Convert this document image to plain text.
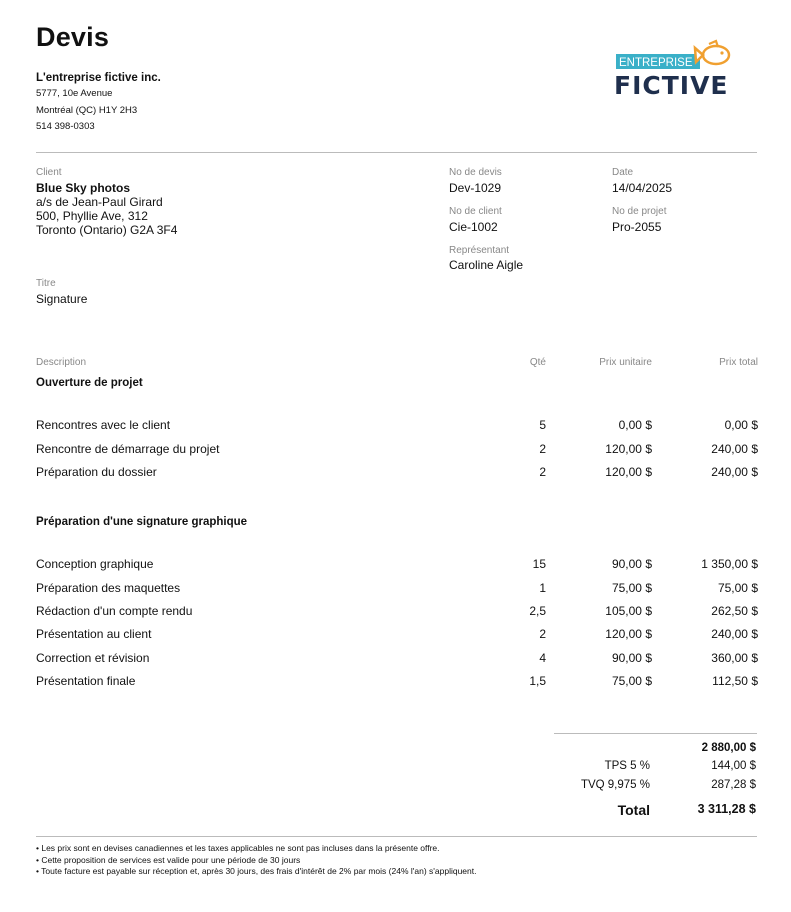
Devis
L'entreprise fictive inc.
5777, 10e Avenue
Montréal (QC) H1Y 2H3
514 398-0303
ENTREPRISE
FICTIVE
Client
Blue Sky photos
a/s de Jean-Paul Girard
500, Phyllie Ave, 312
Toronto (Ontario) G2A 3F4
No de devis
Dev-1029
Date
14/04/2025
No de client
Cie-1002
No de projet
Pro-2055
Représentant
Caroline Aigle
Titre
Signature
Description	Qté	Prix unitaire	Prix total
Ouverture de projet
Rencontres avec le client	5	0,00 $	0,00 $
Rencontre de démarrage du projet	2	120,00 $	240,00 $
Préparation du dossier	2	120,00 $	240,00 $
Préparation d'une signature graphique
Conception graphique	15	90,00 $	1 350,00 $
Préparation des maquettes	1	75,00 $	75,00 $
Rédaction d'un compte rendu	2,5	105,00 $	262,50 $
Présentation au client	2	120,00 $	240,00 $
Correction et révision	4	90,00 $	360,00 $
Présentation finale	1,5	75,00 $	112,50 $
2 880,00 $
TPS 5 %	144,00 $
TVQ 9,975 %	287,28 $
Total	3 311,28 $
• Les prix sont en devises canadiennes et les taxes applicables ne sont pas incluses dans la présente offre.
• Cette proposition de services est valide pour une période de 30 jours
• Toute facture est payable sur réception et, après 30 jours, des frais d'intérêt de 2% par mois (24% l'an) s'appliquent.
